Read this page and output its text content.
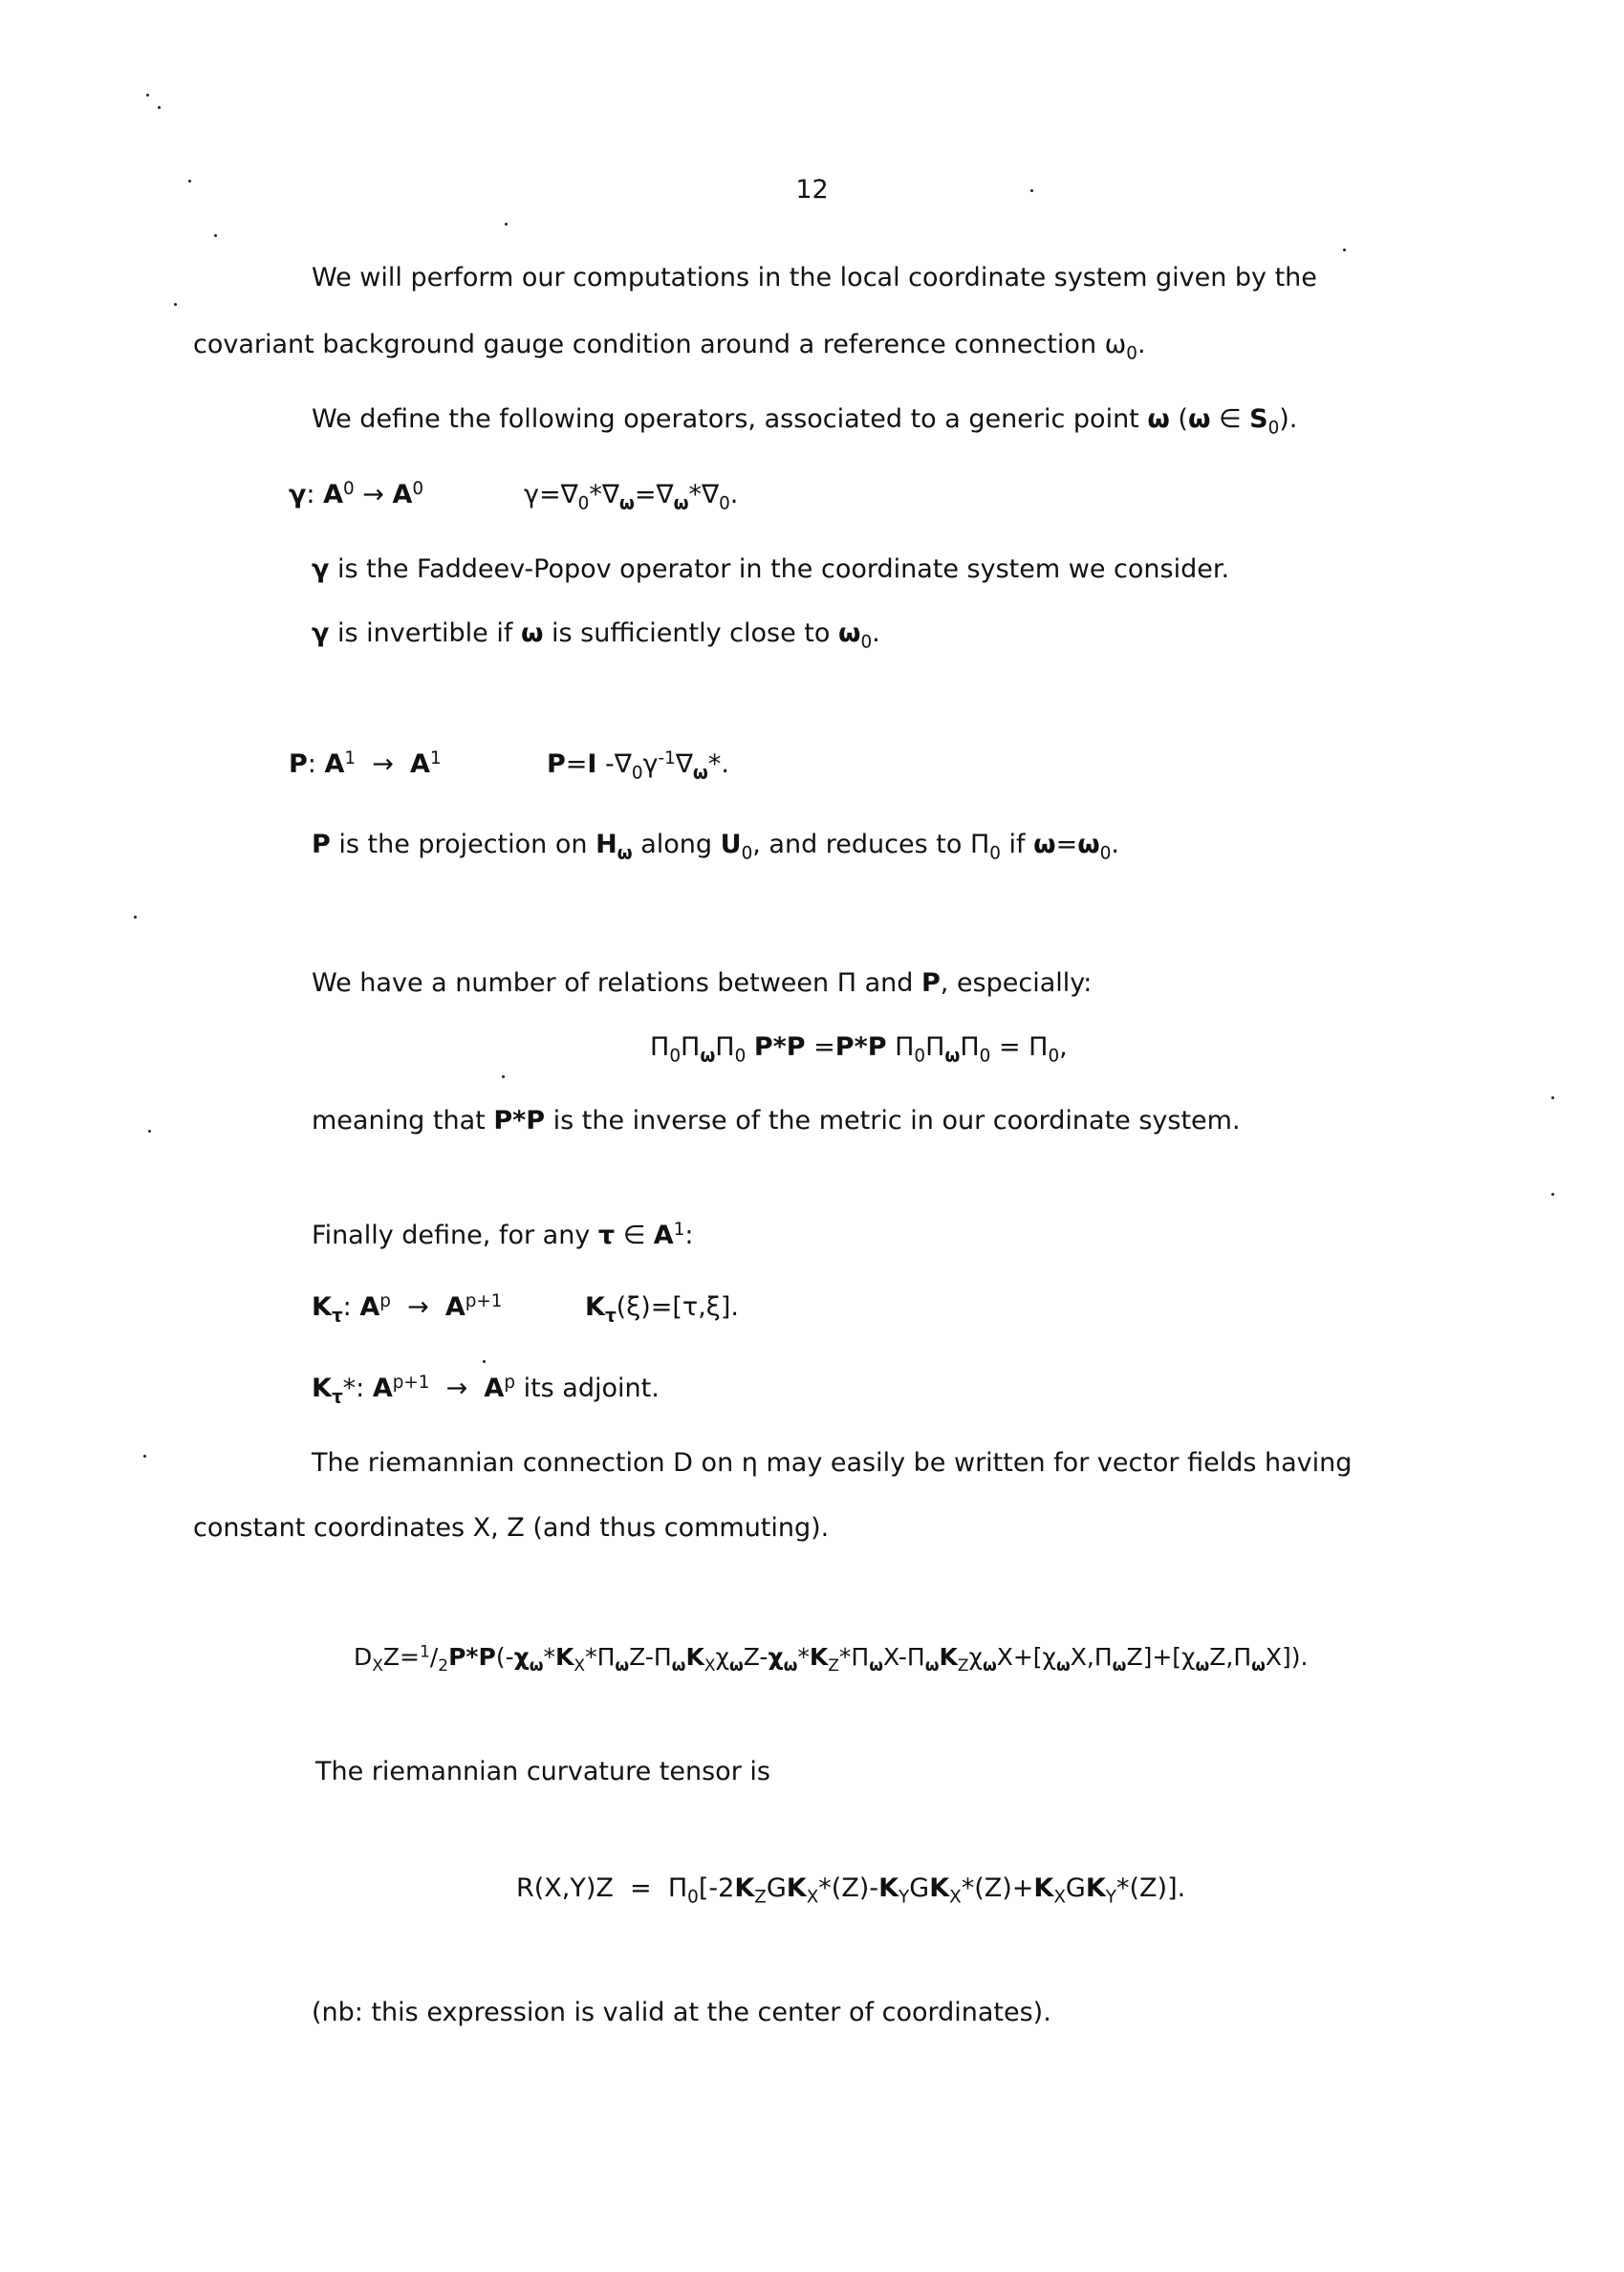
12
We will perform our computations in the local coordinate system given by the
covariant background gauge condition around a reference connection $\omega_0$.
We define the following operators, associated to a generic point ω (ω ∈ $S_0$).
γ: $A^0 \to A^0$	$\gamma=\nabla_0*\nabla_\omega=\nabla_\omega*\nabla_0$.
γ is the Faddeev-Popov operator in the coordinate system we consider.
γ is invertible if ω is sufficiently close to $\omega_0$.
P: $A^1 \to A^1$	P=I $-\nabla_0\gamma^{-1}\nabla_\omega*$.
P is the projection on $H_\omega$ along $U_0$, and reduces to $\Pi_0$ if $\omega=\omega_0$.
We have a number of relations between Π and P, especially:
$\Pi_0\Pi_\omega\Pi_0$ P*P =P*P $\Pi_0\Pi_\omega\Pi_0 = \Pi_0$,
meaning that P*P is the inverse of the metric in our coordinate system.
Finally define, for any τ ∈ $A^1$:
$K_\tau$: $A^p \to A^{p+1}$	$K_\tau(\xi)=[\tau,\xi]$.
$K_\tau*$: $A^{p+1} \to A^p$ its adjoint.
The riemannian connection D on η may easily be written for vector fields having
constant coordinates X, Z (and thus commuting).
$D_XZ=^1/_2P*P(-\chi_\omega*K_X*\Pi_\omega Z-\Pi_\omega K_X\chi_\omega Z-\chi_\omega*K_Z*\Pi_\omega X-\Pi_\omega K_Z\chi_\omega X+[\chi_\omega X,\Pi_\omega Z]+[\chi_\omega Z,\Pi_\omega X])$.
The riemannian curvature tensor is
$R(X,Y)Z = \Pi_0[-2K_ZGK_X*(Z)-K_YGK_X*(Z)+K_XGK_Y*(Z)]$.
(nb: this expression is valid at the center of coordinates).
